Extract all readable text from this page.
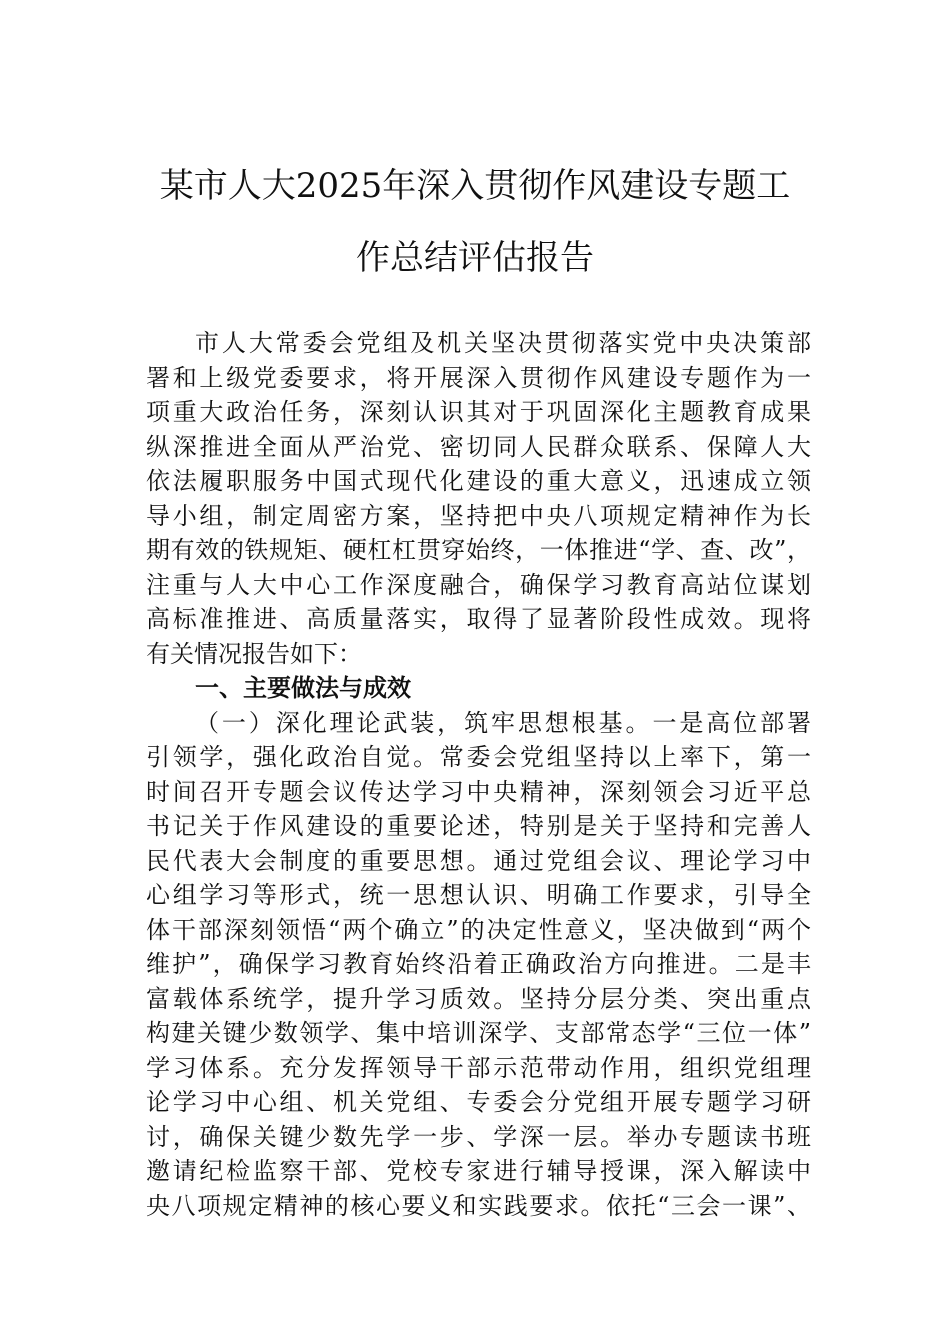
某市人大2025年深入贯彻作风建设专题工
作总结评估报告
市人大常委会党组及机关坚决贯彻落实党中央决策部
署和上级党委要求，将开展深入贯彻作风建设专题作为一
项重大政治任务，深刻认识其对于巩固深化主题教育成果
纵深推进全面从严治党、密切同人民群众联系、保障人大
依法履职服务中国式现代化建设的重大意义，迅速成立领
导小组，制定周密方案，坚持把中央八项规定精神作为长
期有效的铁规矩、硬杠杠贯穿始终，一体推进“学、查、改”，
注重与人大中心工作深度融合，确保学习教育高站位谋划
高标准推进、高质量落实，取得了显著阶段性成效。现将
有关情况报告如下：
一、主要做法与成效
（一）深化理论武装，筑牢思想根基。一是高位部署
引领学，强化政治自觉。常委会党组坚持以上率下，第一
时间召开专题会议传达学习中央精神，深刻领会习近平总
书记关于作风建设的重要论述，特别是关于坚持和完善人
民代表大会制度的重要思想。通过党组会议、理论学习中
心组学习等形式，统一思想认识、明确工作要求，引导全
体干部深刻领悟“两个确立”的决定性意义，坚决做到“两个
维护”，确保学习教育始终沿着正确政治方向推进。二是丰
富载体系统学，提升学习质效。坚持分层分类、突出重点
构建关键少数领学、集中培训深学、支部常态学“三位一体”
学习体系。充分发挥领导干部示范带动作用，组织党组理
论学习中心组、机关党组、专委会分党组开展专题学习研
讨，确保关键少数先学一步、学深一层。举办专题读书班
邀请纪检监察干部、党校专家进行辅导授课，深入解读中
央八项规定精神的核心要义和实践要求。依托“三会一课”、
